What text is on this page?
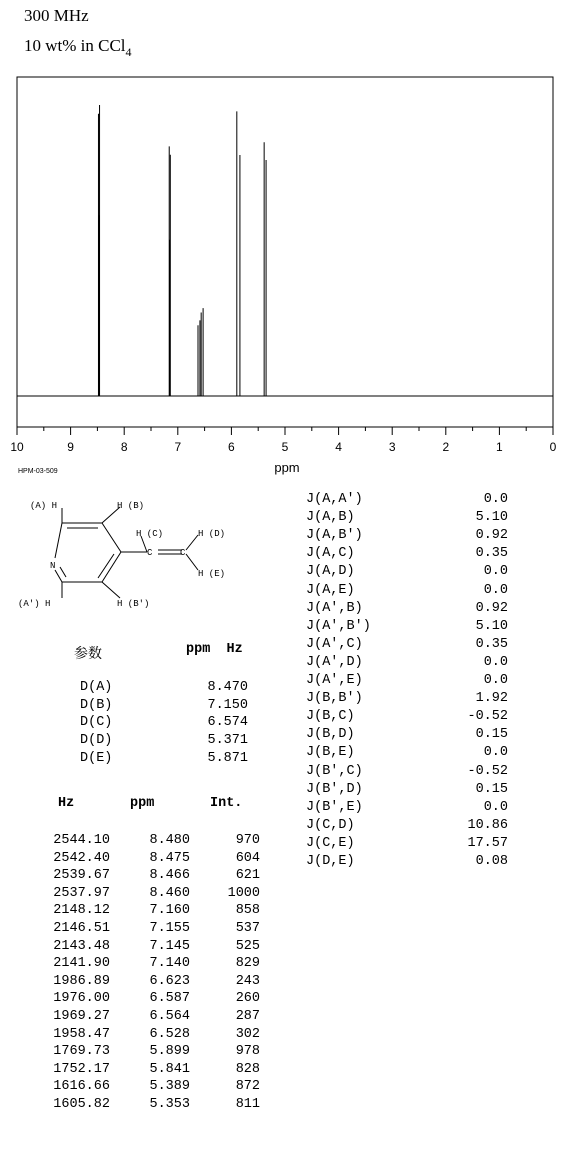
300 MHz
10 wt% in CCl$_4$
10	9	8	7	6	5	4	3	2	1	0
ppm
HPM-03-509
(A) H	H (B)
H (C)	H (D)
H (E)
(A') H	H (B')
N
C	C
参数	ppm  Hz
D(A)	8.470
D(B)	7.150
D(C)	6.574
D(D)	5.371
D(E)	5.871
Hz	ppm	Int.
2544.10	8.480	970
2542.40	8.475	604
2539.67	8.466	621
2537.97	8.460	1000
2148.12	7.160	858
2146.51	7.155	537
2143.48	7.145	525
2141.90	7.140	829
1986.89	6.623	243
1976.00	6.587	260
1969.27	6.564	287
1958.47	6.528	302
1769.73	5.899	978
1752.17	5.841	828
1616.66	5.389	872
1605.82	5.353	811
J(A,A')	0.0
J(A,B)	5.10
J(A,B')	0.92
J(A,C)	0.35
J(A,D)	0.0
J(A,E)	0.0
J(A',B)	0.92
J(A',B')	5.10
J(A',C)	0.35
J(A',D)	0.0
J(A',E)	0.0
J(B,B')	1.92
J(B,C)	-0.52
J(B,D)	0.15
J(B,E)	0.0
J(B',C)	-0.52
J(B',D)	0.15
J(B',E)	0.0
J(C,D)	10.86
J(C,E)	17.57
J(D,E)	0.08
